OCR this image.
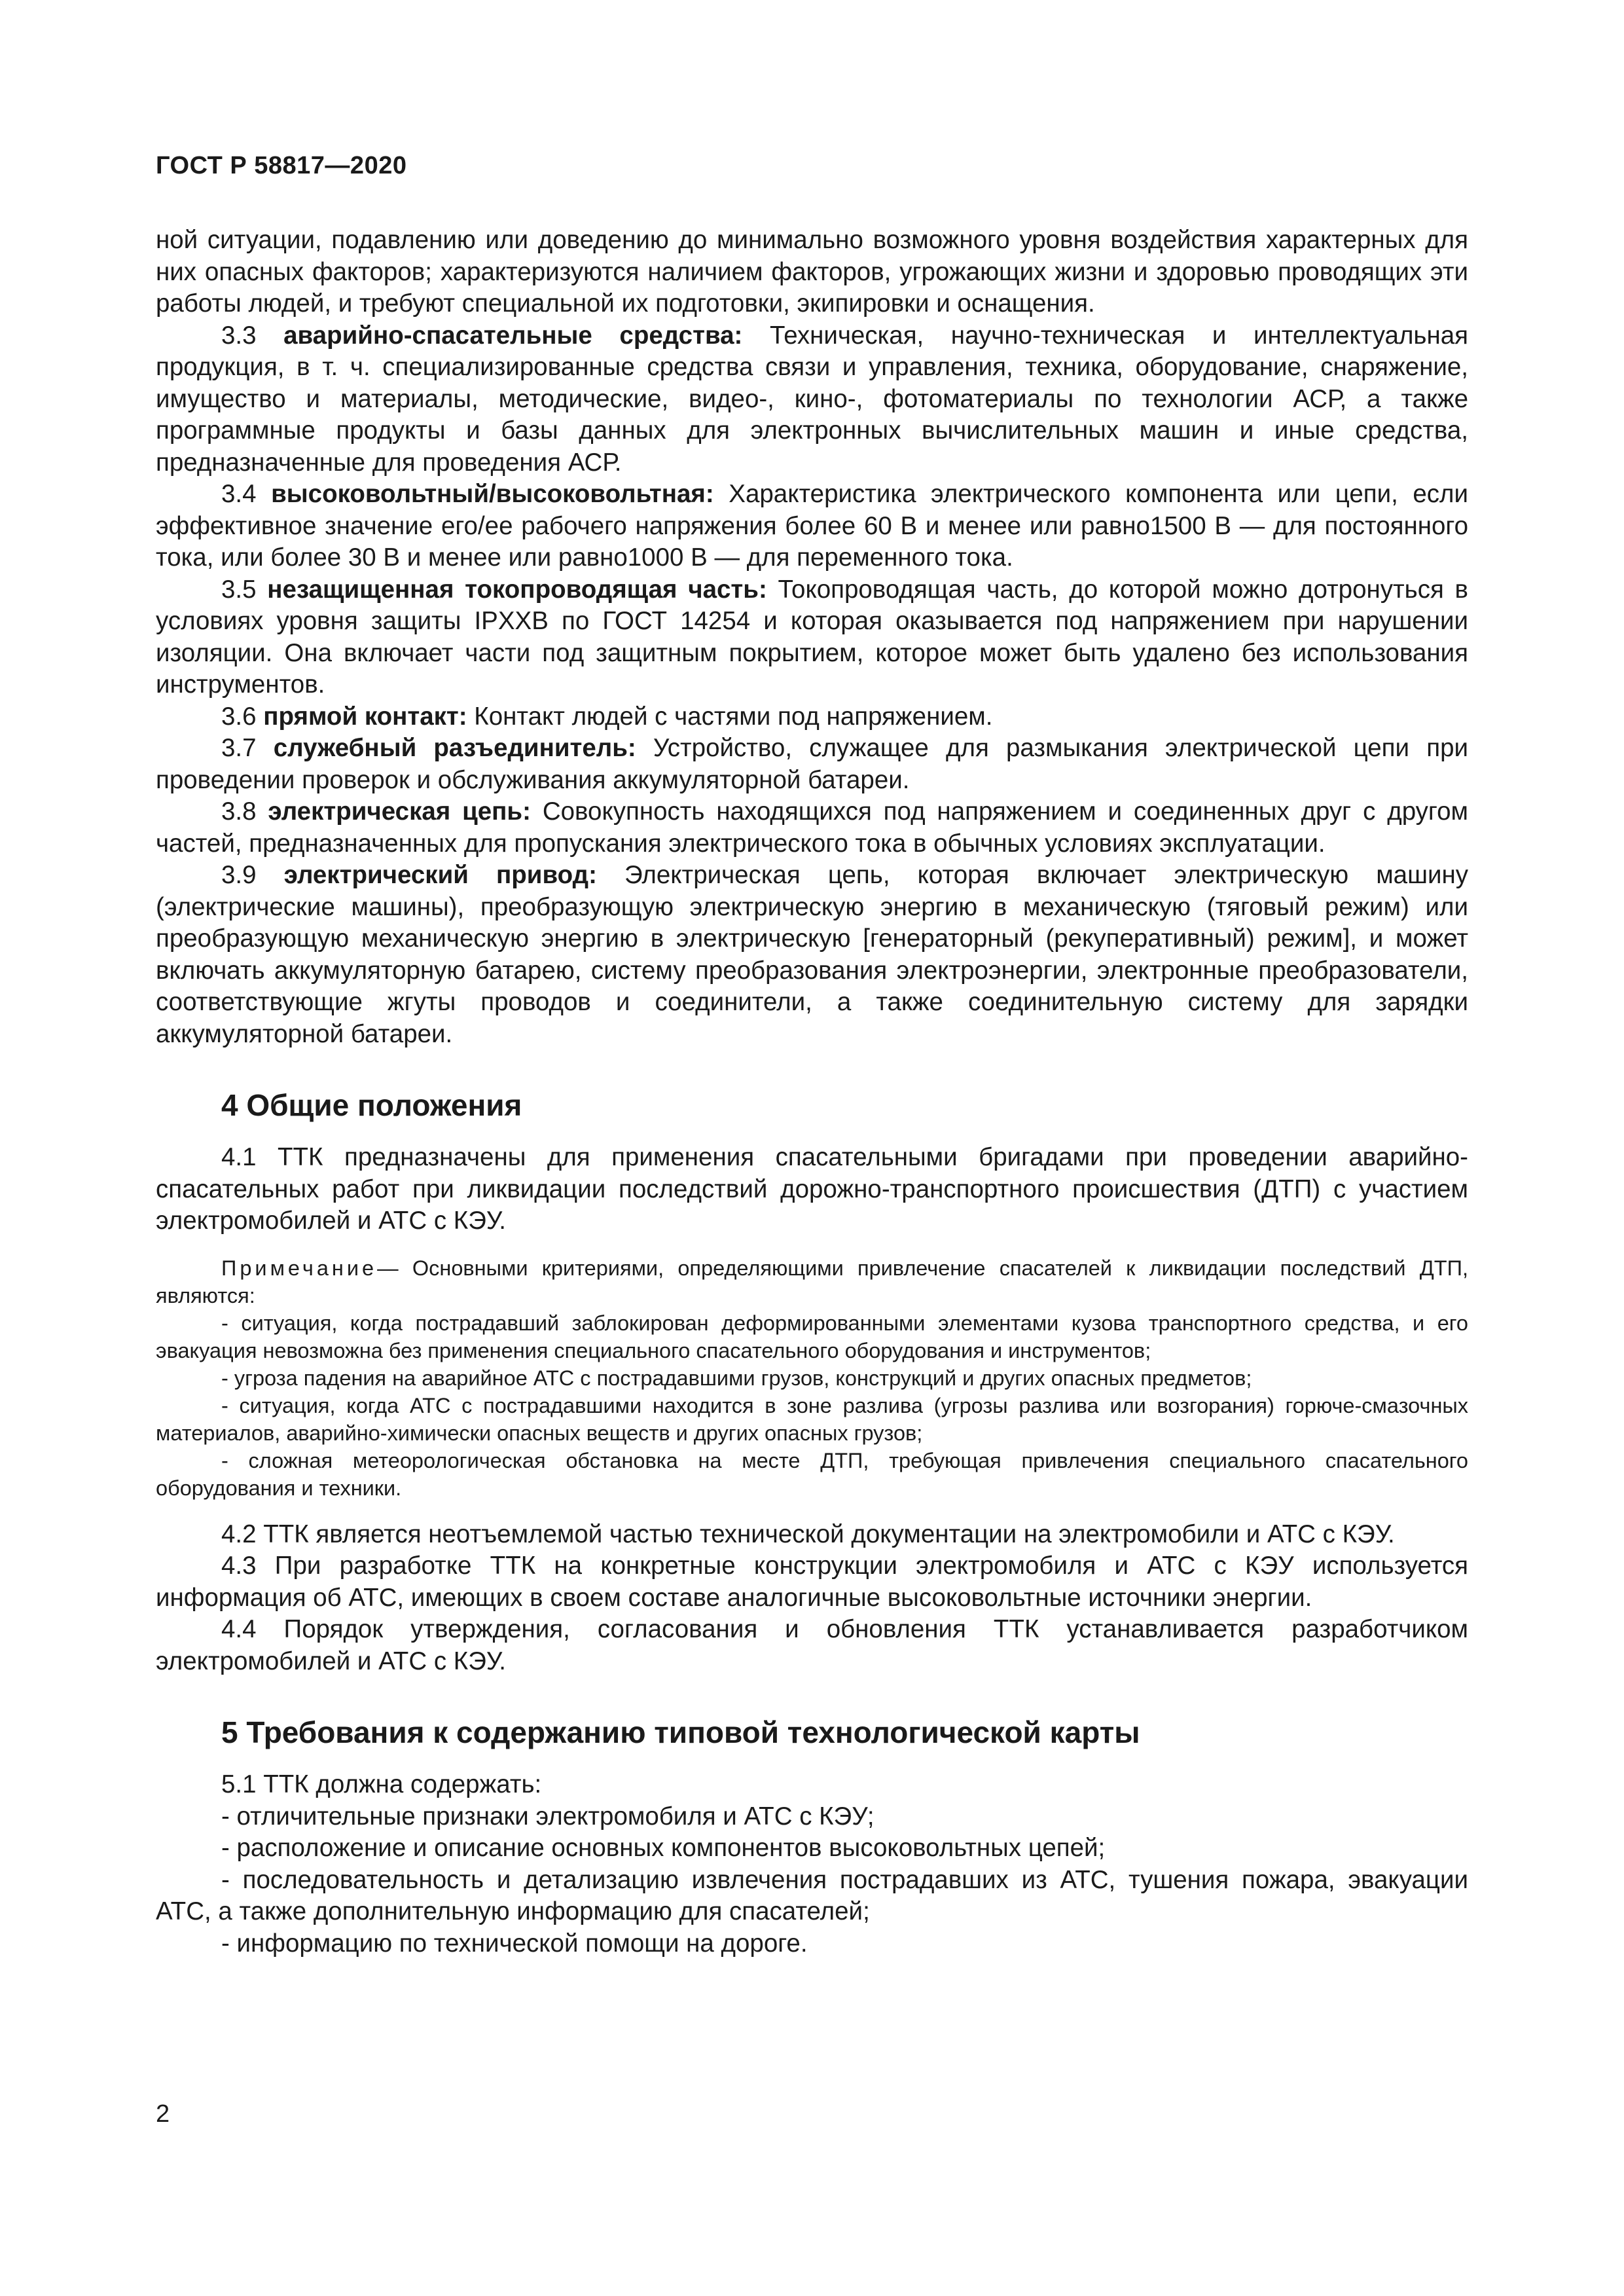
ГОСТ Р 58817—2020

ной ситуации, подавлению или доведению до минимально возможного уровня воздействия характерных для них опасных факторов; характеризуются наличием факторов, угрожающих жизни и здоровью проводящих эти работы людей, и требуют специальной их подготовки, экипировки и оснащения.

3.3 аварийно-спасательные средства: Техническая, научно-техническая и интеллектуальная продукция, в т. ч. специализированные средства связи и управления, техника, оборудование, снаряжение, имущество и материалы, методические, видео-, кино-, фотоматериалы по технологии АСР, а также программные продукты и базы данных для электронных вычислительных машин и иные средства, предназначенные для проведения АСР.

3.4 высоковольтный/высоковольтная: Характеристика электрического компонента или цепи, если эффективное значение его/ее рабочего напряжения более 60 В и менее или равно1500 В — для постоянного тока, или более 30 В и менее или равно1000 В — для переменного тока.

3.5 незащищенная токопроводящая часть: Токопроводящая часть, до которой можно дотронуться в условиях уровня защиты IPXXB по ГОСТ 14254 и которая оказывается под напряжением при нарушении изоляции. Она включает части под защитным покрытием, которое может быть удалено без использования инструментов.

3.6 прямой контакт: Контакт людей с частями под напряжением.

3.7 служебный разъединитель: Устройство, служащее для размыкания электрической цепи при проведении проверок и обслуживания аккумуляторной батареи.

3.8 электрическая цепь: Совокупность находящихся под напряжением и соединенных друг с другом частей, предназначенных для пропускания электрического тока в обычных условиях эксплуатации.

3.9 электрический привод: Электрическая цепь, которая включает электрическую машину (электрические машины), преобразующую электрическую энергию в механическую (тяговый режим) или преобразующую механическую энергию в электрическую [генераторный (рекуперативный) режим], и может включать аккумуляторную батарею, систему преобразования электроэнергии, электронные преобразователи, соответствующие жгуты проводов и соединители, а также соединительную систему для зарядки аккумуляторной батареи.

4 Общие положения

4.1 ТТК предназначены для применения спасательными бригадами при проведении аварийно-спасательных работ при ликвидации последствий дорожно-транспортного происшествия (ДТП) с участием электромобилей и АТС с КЭУ.

Примечание— Основными критериями, определяющими привлечение спасателей к ликвидации последствий ДТП, являются:

- ситуация, когда пострадавший заблокирован деформированными элементами кузова транспортного средства, и его эвакуация невозможна без применения специального спасательного оборудования и инструментов;

- угроза падения на аварийное АТС с пострадавшими грузов, конструкций и других опасных предметов;

- ситуация, когда АТС с пострадавшими находится в зоне разлива (угрозы разлива или возгорания) горюче-смазочных материалов, аварийно-химически опасных веществ и других опасных грузов;

- сложная метеорологическая обстановка на месте ДТП, требующая привлечения специального спасательного оборудования и техники.

4.2 ТТК является неотъемлемой частью технической документации на электромобили и АТС с КЭУ.

4.3 При разработке ТТК на конкретные конструкции электромобиля и АТС с КЭУ используется информация об АТС, имеющих в своем составе аналогичные высоковольтные источники энергии.

4.4 Порядок утверждения, согласования и обновления ТТК устанавливается разработчиком электромобилей и АТС с КЭУ.

5 Требования к содержанию типовой технологической карты

5.1 ТТК должна содержать:

- отличительные признаки электромобиля и АТС с КЭУ;

- расположение и описание основных компонентов высоковольтных цепей;

- последовательность и детализацию извлечения пострадавших из АТС, тушения пожара, эвакуации АТС, а также дополнительную информацию для спасателей;

- информацию по технической помощи на дороге.

2
